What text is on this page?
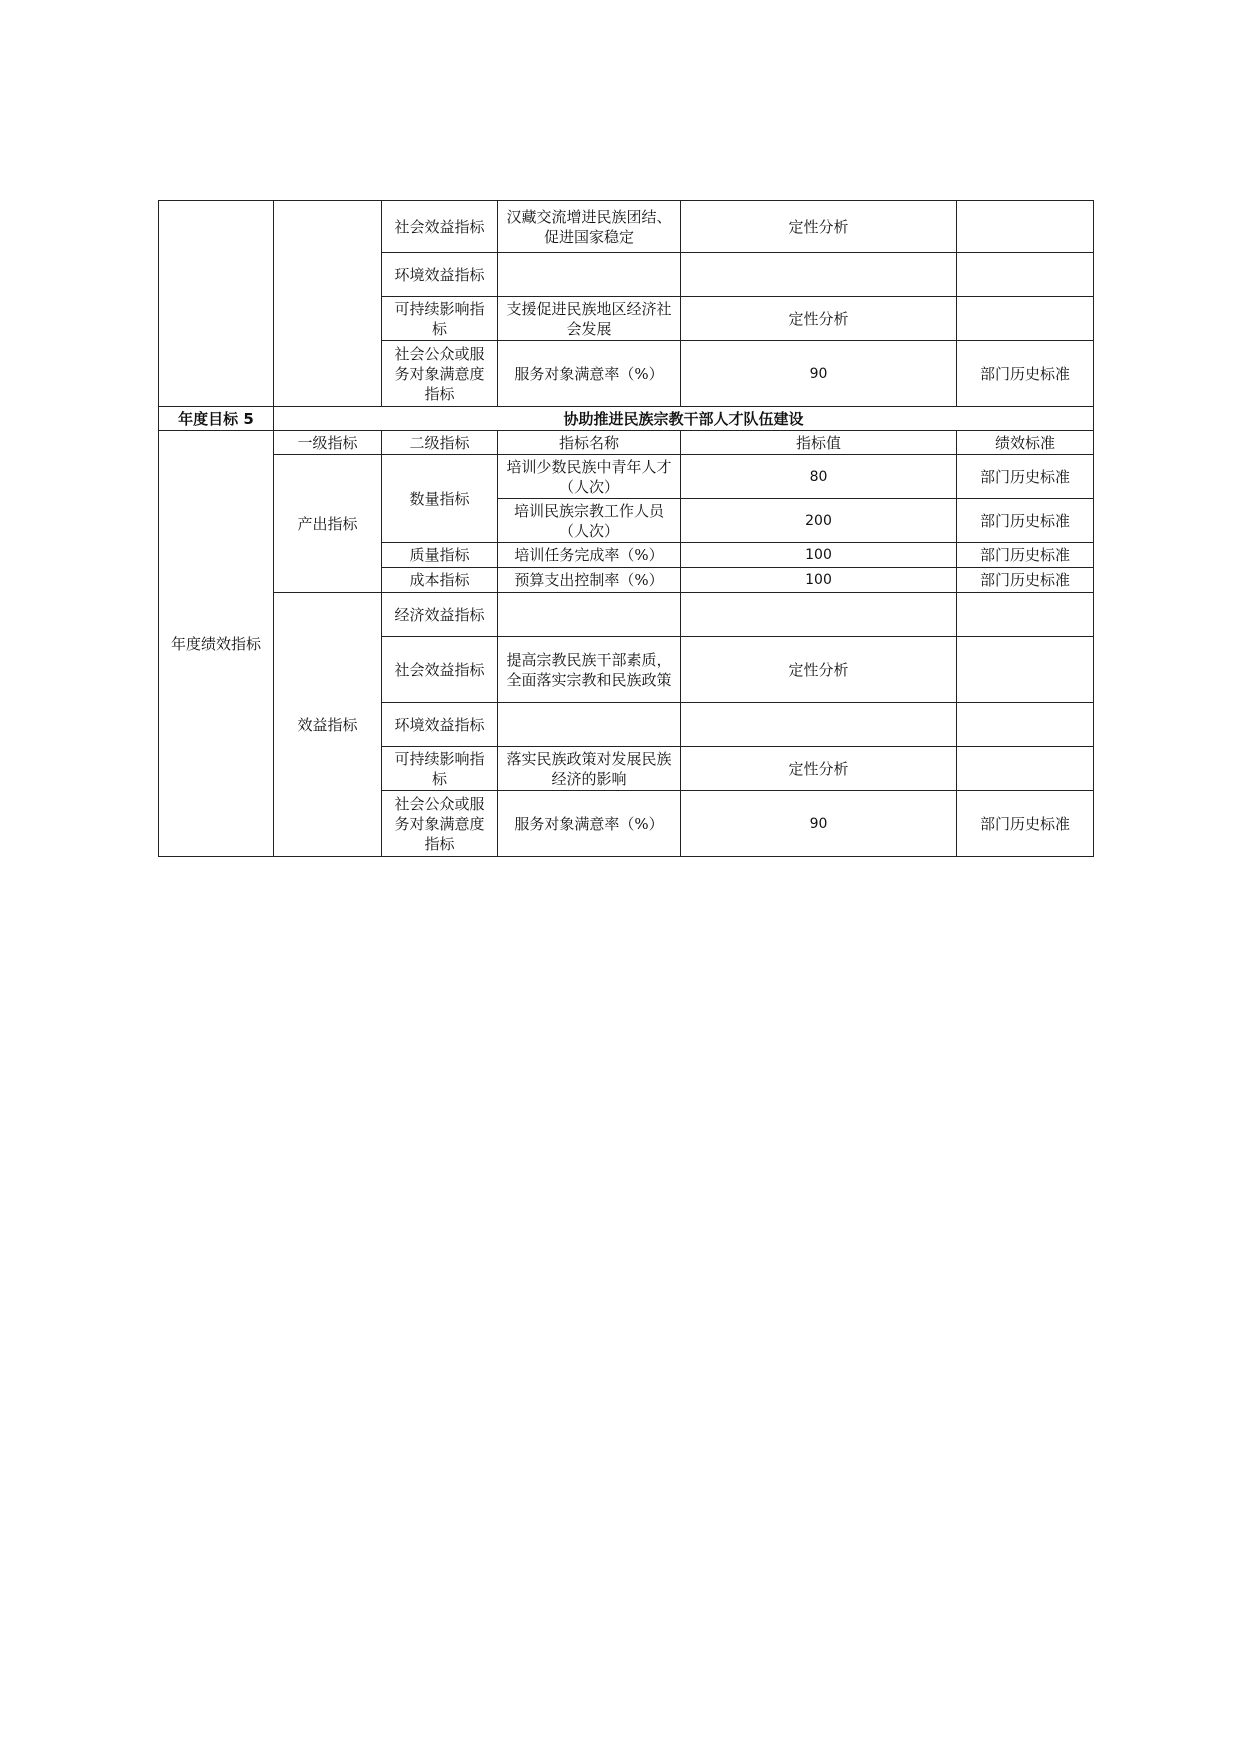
		社会效益指标	汉藏交流增进民族团结、促进国家稳定	定性分析	
		环境效益指标			
		可持续影响指标	支援促进民族地区经济社会发展	定性分析	
		社会公众或服务对象满意度指标	服务对象满意率（%）	90	部门历史标准
年度目标 5	协助推进民族宗教干部人才队伍建设				
年度绩效指标	一级指标	二级指标	指标名称	指标值	绩效标准
	产出指标	数量指标	培训少数民族中青年人才（人次）	80	部门历史标准
			培训民族宗教工作人员 （人次）	200	部门历史标准
		质量指标	培训任务完成率（%）	100	部门历史标准
		成本指标	预算支出控制率（%）	100	部门历史标准
	效益指标	经济效益指标			
		社会效益指标	提高宗教民族干部素质，全面落实宗教和民族政策	定性分析	
		环境效益指标			
		可持续影响指标	落实民族政策对发展民族经济的影响	定性分析	
		社会公众或服务对象满意度指标	服务对象满意率（%）	90	部门历史标准
